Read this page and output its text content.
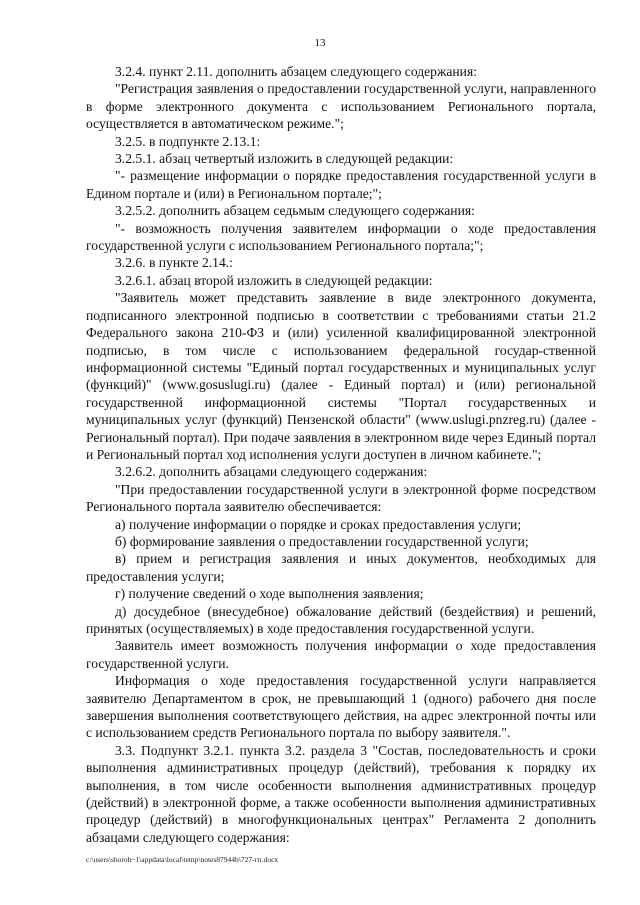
13

3.2.4. пункт 2.11. дополнить абзацем следующего содержания:

"Регистрация заявления о предоставлении государственной услуги, направленного в форме электронного документа с использованием Регионального портала, осуществляется в автоматическом режиме.";

3.2.5. в подпункте 2.13.1:

3.2.5.1. абзац четвертый изложить в следующей редакции:

"- размещение информации о порядке предоставления государственной услуги в Едином портале и (или) в Региональном портале;";

3.2.5.2. дополнить абзацем седьмым следующего содержания:

"- возможность получения заявителем информации о ходе предоставления государственной услуги с использованием Регионального портала;";

3.2.6. в пункте 2.14.:

3.2.6.1. абзац второй изложить в следующей редакции:

"Заявитель может представить заявление в виде электронного документа, подписанного электронной подписью в соответствии с требованиями статьи 21.2 Федерального закона 210-ФЗ и (или) усиленной квалифицированной электронной подписью, в том числе с использованием федеральной государ-ственной информационной системы "Единый портал государственных и муниципальных услуг (функций)" (www.gosuslugi.ru) (далее - Единый портал) и (или) региональной государственной информационной системы "Портал государственных и муниципальных услуг (функций) Пензенской области" (www.uslugi.pnzreg.ru) (далее - Региональный портал). При подаче заявления в электронном виде через Единый портал и Региональный портал ход исполнения услуги доступен в личном кабинете.";

3.2.6.2. дополнить абзацами следующего содержания:

"При предоставлении государственной услуги в электронной форме посредством Регионального портала заявителю обеспечивается:

а) получение информации о порядке и сроках предоставления услуги;

б) формирование заявления о предоставлении государственной услуги;

в) прием и регистрация заявления и иных документов, необходимых для предоставления услуги;

г) получение сведений о ходе выполнения заявления;

д) досудебное (внесудебное) обжалование действий (бездействия) и решений, принятых (осуществляемых) в ходе предоставления государственной услуги.

Заявитель имеет возможность получения информации о ходе предоставления государственной услуги.

Информация о ходе предоставления государственной услуги направляется заявителю Департаментом в срок, не превышающий 1 (одного) рабочего дня после завершения выполнения соответствующего действия, на адрес электронной почты или с использованием средств Регионального портала по выбору заявителя.".

3.3. Подпункт 3.2.1. пункта 3.2. раздела 3 "Состав, последовательность и сроки выполнения административных процедур (действий), требования к порядку их выполнения, в том числе особенности выполнения административных процедур (действий) в электронной форме, а также особенности выполнения административных процедур (действий) в многофункциональных центрах" Регламента 2 дополнить абзацами следующего содержания:

c:\users\shoroh~1\appdata\local\temp\notes87944b\727-гп.docx
